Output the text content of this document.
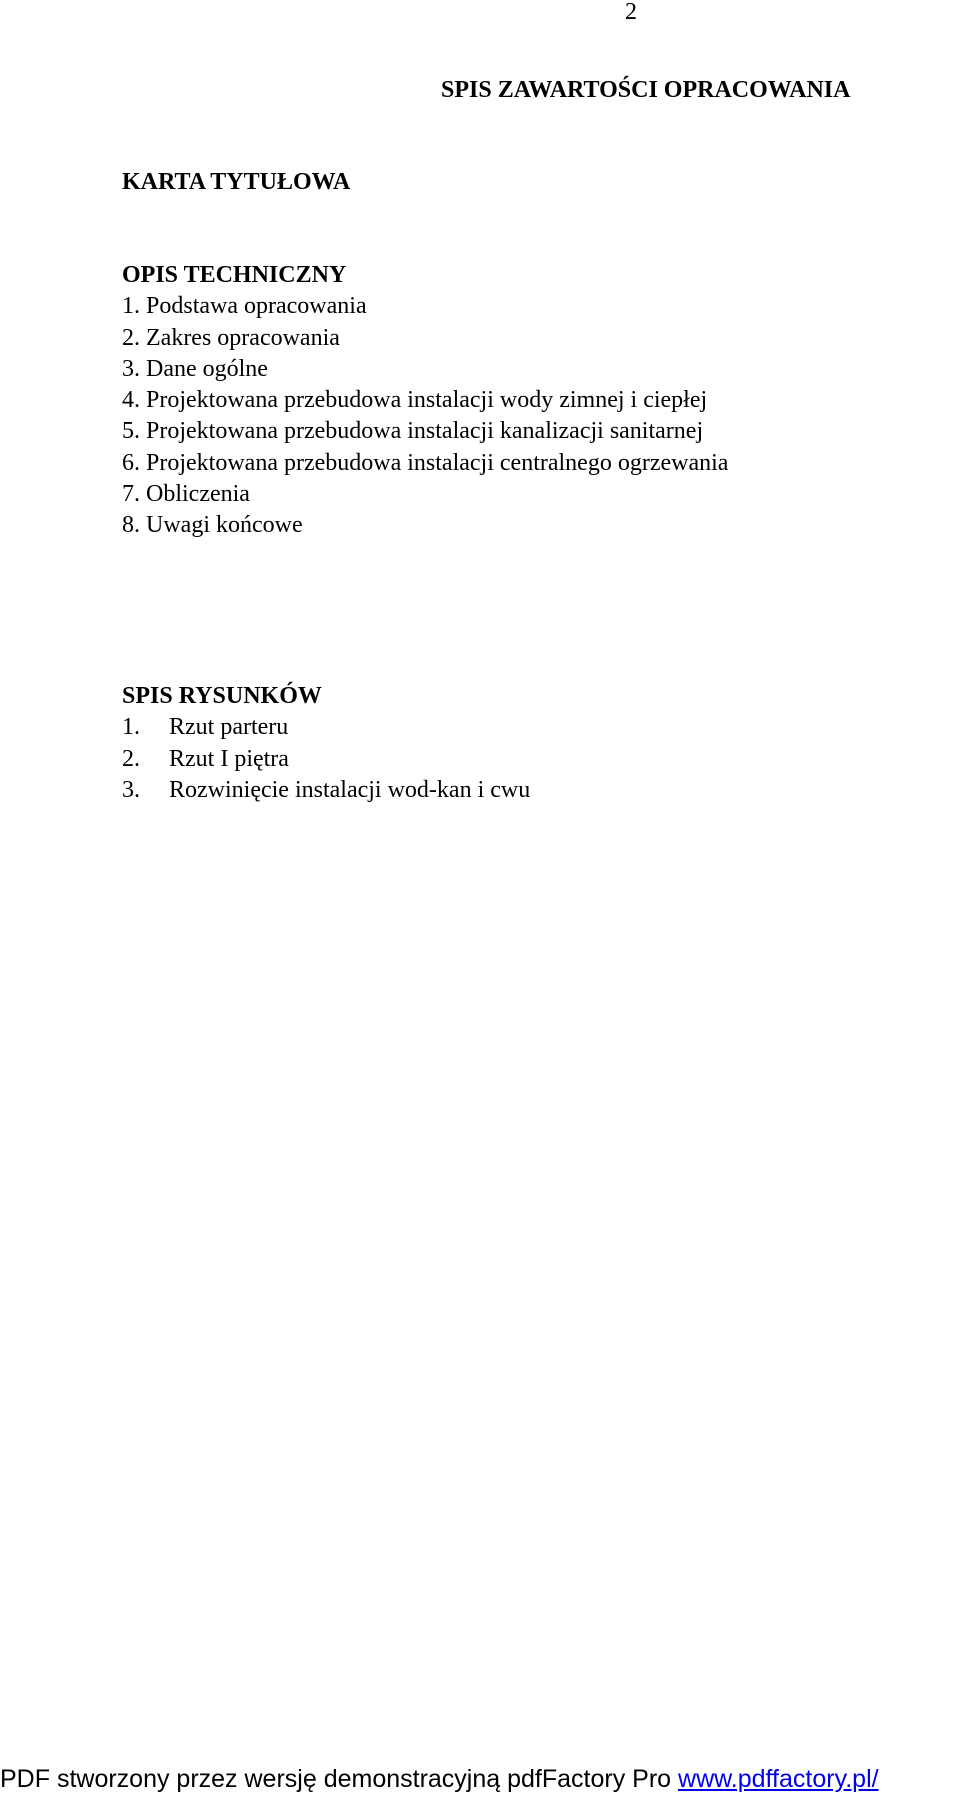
2
SPIS ZAWARTOŚCI OPRACOWANIA
KARTA TYTUŁOWA
OPIS TECHNICZNY
1. Podstawa opracowania
2. Zakres opracowania
3. Dane ogólne
4. Projektowana przebudowa instalacji wody zimnej i ciepłej
5. Projektowana przebudowa instalacji kanalizacji sanitarnej
6. Projektowana przebudowa instalacji centralnego ogrzewania
7. Obliczenia
8. Uwagi końcowe
SPIS RYSUNKÓW
1. Rzut parteru
2. Rzut I piętra
3. Rozwinięcie instalacji wod-kan i cwu
PDF stworzony przez wersję demonstracyjną pdfFactory Pro www.pdffactory.pl/
